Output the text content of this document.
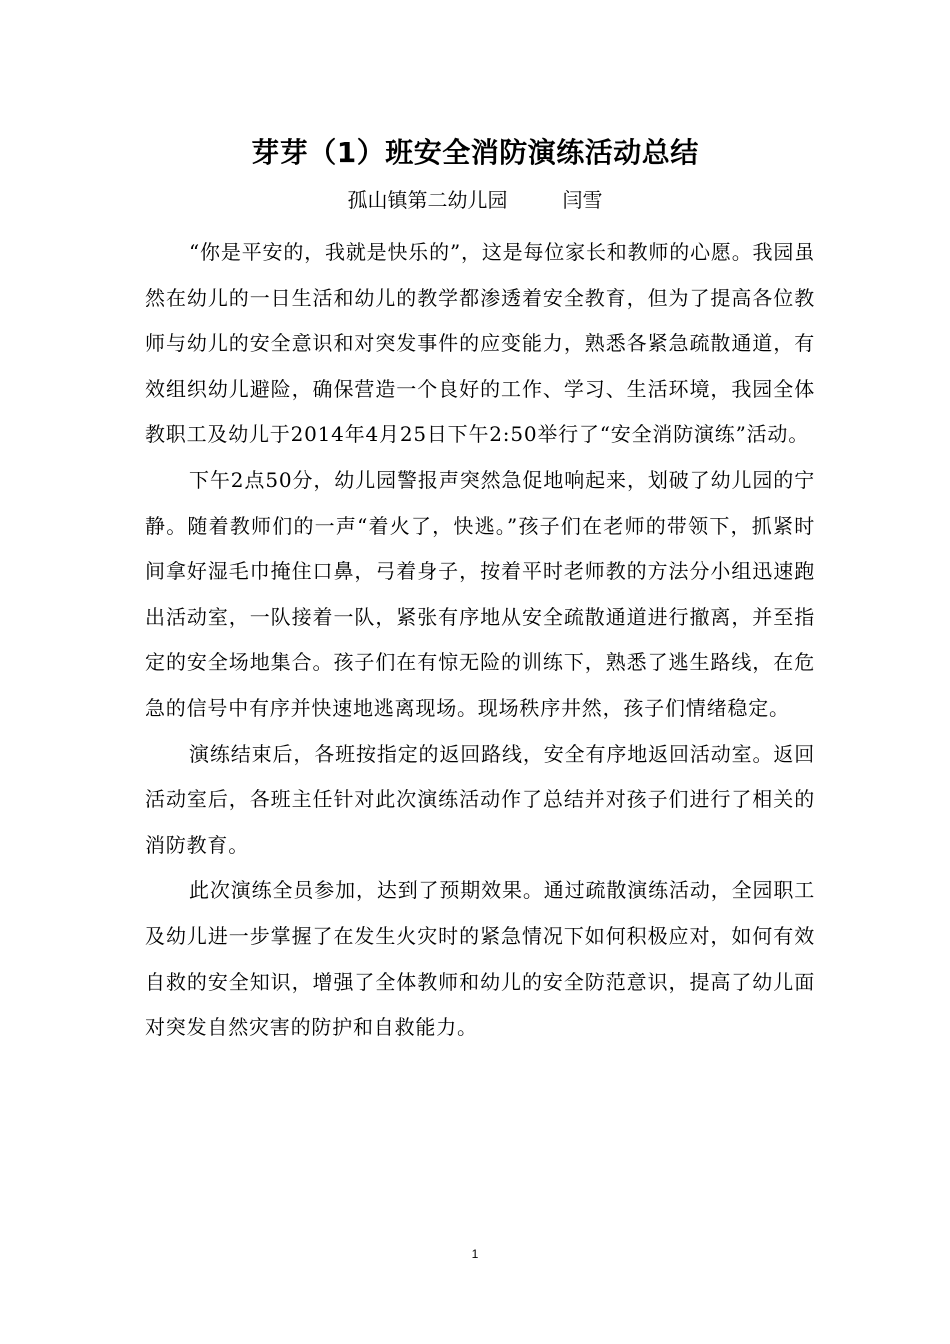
芽芽（1）班安全消防演练活动总结
孤山镇第二幼儿园	闫雪

“你是平安的，我就是快乐的”，这是每位家长和教师的心愿。我园虽然在幼儿的一日生活和幼儿的教学都渗透着安全教育，但为了提高各位教师与幼儿的安全意识和对突发事件的应变能力，熟悉各紧急疏散通道，有效组织幼儿避险，确保营造一个良好的工作、学习、生活环境，我园全体教职工及幼儿于2014年4月25日下午2:50举行了“安全消防演练”活动。

下午2点50分，幼儿园警报声突然急促地响起来，划破了幼儿园的宁静。随着教师们的一声“着火了，快逃。”孩子们在老师的带领下，抓紧时间拿好湿毛巾掩住口鼻，弓着身子，按着平时老师教的方法分小组迅速跑出活动室，一队接着一队，紧张有序地从安全疏散通道进行撤离，并至指定的安全场地集合。孩子们在有惊无险的训练下，熟悉了逃生路线，在危急的信号中有序并快速地逃离现场。现场秩序井然，孩子们情绪稳定。

演练结束后，各班按指定的返回路线，安全有序地返回活动室。返回活动室后，各班主任针对此次演练活动作了总结并对孩子们进行了相关的消防教育。

此次演练全员参加，达到了预期效果。通过疏散演练活动，全园职工及幼儿进一步掌握了在发生火灾时的紧急情况下如何积极应对，如何有效自救的安全知识，增强了全体教师和幼儿的安全防范意识，提高了幼儿面对突发自然灾害的防护和自救能力。

1
